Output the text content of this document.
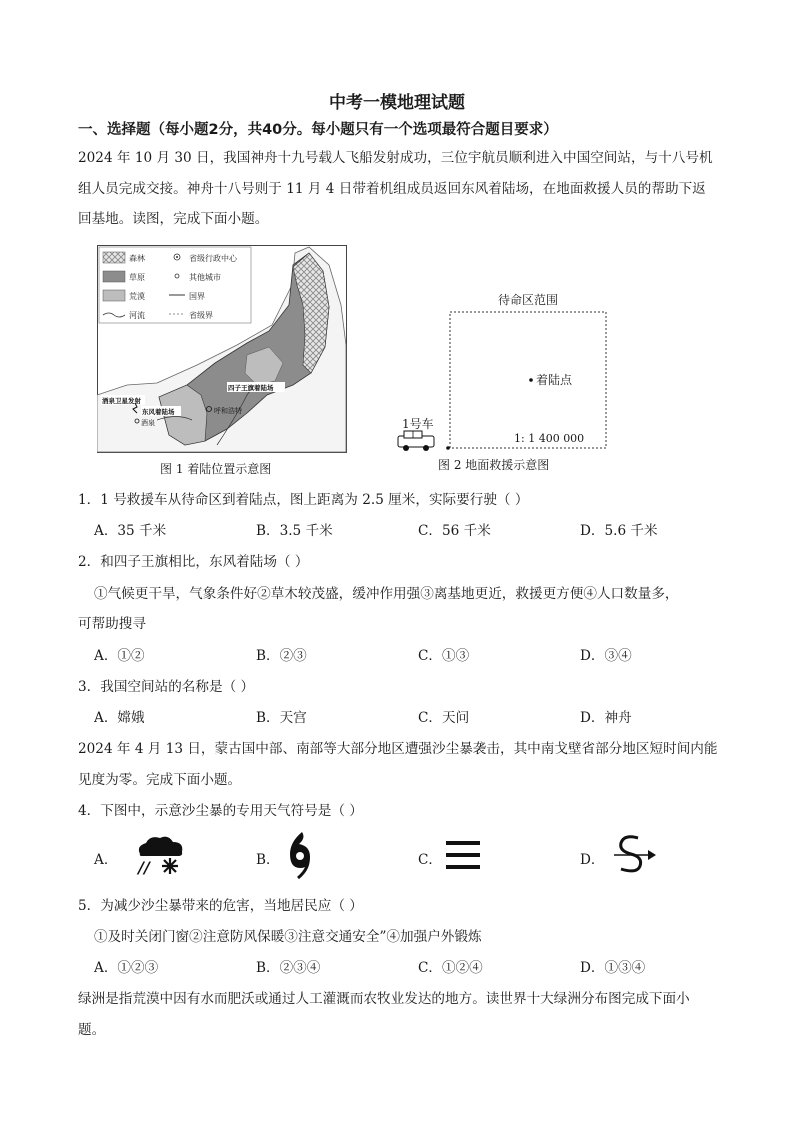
中考一模地理试题
一、选择题（每小题2分，共40分。每小题只有一个选项最符合题目要求）
2024 年 10 月 30 日，我国神舟十九号载人飞船发射成功，三位宇航员顺利进入中国空间站，与十八号机
组人员完成交接。神舟十八号则于 11 月 4 日带着机组成员返回东风着陆场，在地面救援人员的帮助下返
回基地。读图，完成下面小题。
森林	省级行政中心
草原	其他城市
荒漠	国界
河流	省级界
酒泉卫星发射
东风着陆场
四子王旗着陆场
呼和浩特
酒泉
图 1 着陆位置示意图
待命区范围
着陆点
1: 1 400 000
1号车
图 2 地面救援示意图
1．1 号救援车从待命区到着陆点，图上距离为 2.5 厘米，实际要行驶（ ）
A．35 千米	B．3.5 千米	C．56 千米	D．5.6 千米
2．和四子王旗相比，东风着陆场（ ）
①气候更干旱，气象条件好②草木较茂盛，缓冲作用强③离基地更近，救援更方便④人口数量多，
可帮助搜寻
A．①②	B．②③	C．①③	D．③④
3．我国空间站的名称是（ ）
A．嫦娥	B．天宫	C．天问	D．神舟
2024 年 4 月 13 日，蒙古国中部、南部等大部分地区遭强沙尘暴袭击，其中南戈壁省部分地区短时间内能
见度为零。完成下面小题。
4．下图中，示意沙尘暴的专用天气符号是（ ）
A． //	B．	C．	D．
5．为减少沙尘暴带来的危害，当地居民应（ ）
①及时关闭门窗②注意防风保暖③注意交通安全”④加强户外锻炼
A．①②③	B．②③④	C．①②④	D．①③④
绿洲是指荒漠中因有水而肥沃或通过人工灌溉而农牧业发达的地方。读世界十大绿洲分布图完成下面小
题。
